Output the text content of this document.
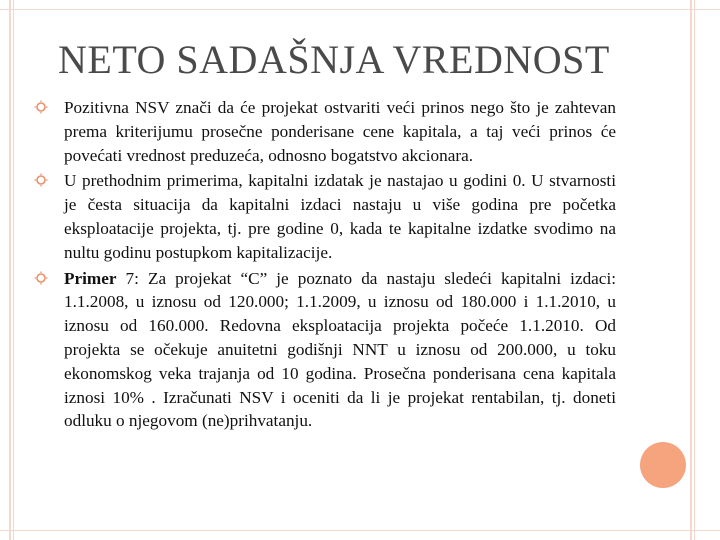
NETO SADAŠNJA VREDNOST
Pozitivna NSV znači da će projekat ostvariti veći prinos nego što je zahtevan prema kriterijumu prosečne ponderisane cene kapitala, a taj veći prinos će povećati vrednost preduzeća, odnosno bogatstvo akcionara.
U prethodnim primerima, kapitalni izdatak je nastajao u godini 0. U stvarnosti je česta situacija da kapitalni izdaci nastaju u više godina pre početka eksploatacije projekta, tj. pre godine 0, kada te kapitalne izdatke svodimo na nultu godinu postupkom kapitalizacije.
Primer 7: Za projekat “C” je poznato da nastaju sledeći kapitalni izdaci: 1.1.2008, u iznosu od 120.000; 1.1.2009, u iznosu od 180.000 i 1.1.2010, u iznosu od 160.000. Redovna eksploatacija projekta počeće 1.1.2010. Od projekta se očekuje anuitetni godišnji NNT u iznosu od 200.000, u toku ekonomskog veka trajanja od 10 godina. Prosečna ponderisana cena kapitala iznosi 10% . Izračunati NSV i oceniti da li je projekat rentabilan, tj. doneti odluku o njegovom (ne)prihvatanju.
